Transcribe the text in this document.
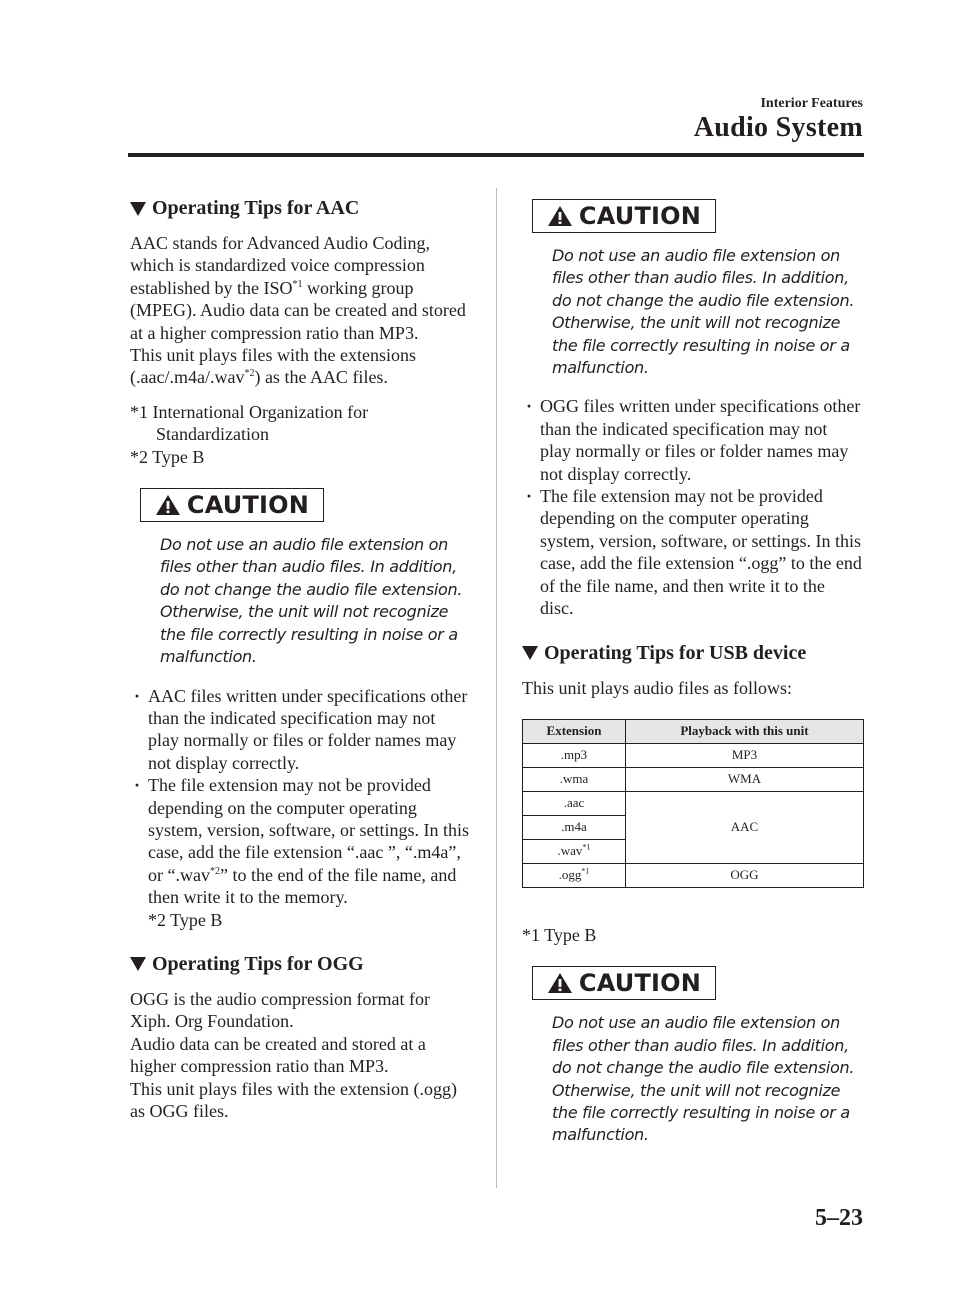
Interior Features
Audio System
Operating Tips for AAC

AAC stands for Advanced Audio Coding, which is standardized voice compression established by the ISO$^{*1}$ working group (MPEG). Audio data can be created and stored at a higher compression ratio than MP3.

This unit plays files with the extensions (.aac/.m4a/.wav$^{*2}$) as the AAC files.

*1 International Organization for
Standardization
*2 Type B
CAUTION

Do not use an audio file extension on files other than audio files. In addition, do not change the audio file extension. Otherwise, the unit will not recognize the file correctly resulting in noise or a malfunction.

· AAC files written under specifications other than the indicated specification may not play normally or files or folder names may not display correctly.
· The file extension may not be provided depending on the computer operating system, version, software, or settings. In this case, add the file extension “.aac ”, “.m4a”, or “.wav$^{*2}$” to the end of the file name, and then write it to the memory.
*2 Type B
Operating Tips for OGG

OGG is the audio compression format for Xiph. Org Foundation.

Audio data can be created and stored at a higher compression ratio than MP3.

This unit plays files with the extension (.ogg) as OGG files.

CAUTION

Do not use an audio file extension on files other than audio files. In addition, do not change the audio file extension. Otherwise, the unit will not recognize the file correctly resulting in noise or a malfunction.

· OGG files written under specifications other than the indicated specification may not play normally or files or folder names may not display correctly.
· The file extension may not be provided depending on the computer operating system, version, software, or settings. In this case, add the file extension “.ogg” to the end of the file name, and then write it to the disc.
Operating Tips for USB device

This unit plays audio files as follows:

Extension	Playback with this unit
.mp3	MP3
.wma	WMA
.aac	AAC
.m4a	
.wav$^{*1}$
.ogg$^{*1}$	OGG
*1 Type B
CAUTION

Do not use an audio file extension on files other than audio files. In addition, do not change the audio file extension. Otherwise, the unit will not recognize the file correctly resulting in noise or a malfunction.

5–23
